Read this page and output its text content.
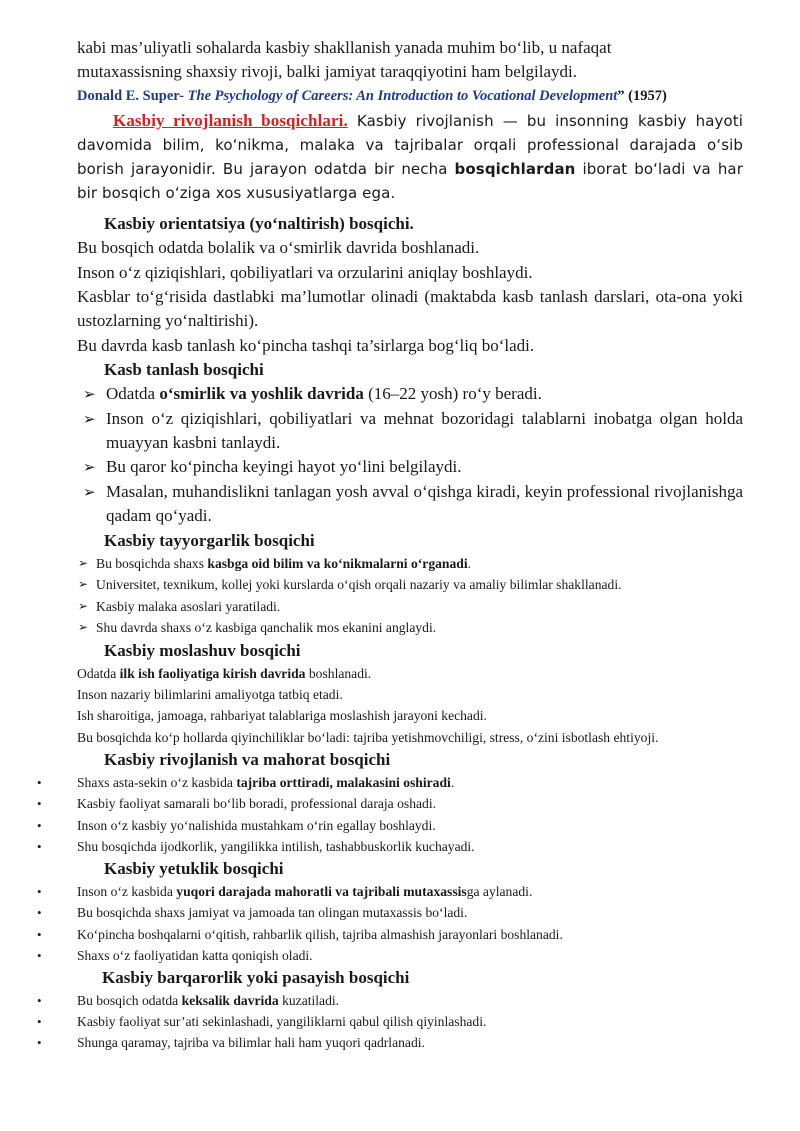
kabi mas’uliyatli sohalarda kasbiy shakllanish yanada muhim bo‘lib, u nafaqat
mutaxassisning shaxsiy rivoji, balki jamiyat taraqqiyotini ham belgilaydi.

Donald E. Super- The Psychology of Careers: An Introduction to Vocational Development” (1957)

Kasbiy rivojlanish bosqichlari. Kasbiy rivojlanish — bu insonning kasbiy hayoti davomida bilim, ko‘nikma, malaka va tajribalar orqali professional darajada o‘sib borish jarayonidir. Bu jarayon odatda bir necha bosqichlardan iborat bo‘ladi va har bir bosqich o‘ziga xos xususiyatlarga ega.

Kasbiy orientatsiya (yo‘naltirish) bosqichi.

Bu bosqich odatda bolalik va o‘smirlik davrida boshlanadi.

Inson o‘z qiziqishlari, qobiliyatlari va orzularini aniqlay boshlaydi.

Kasblar to‘g‘risida dastlabki ma’lumotlar olinadi (maktabda kasb tanlash darslari, ota-ona yoki ustozlarning yo‘naltirishi).

Bu davrda kasb tanlash ko‘pincha tashqi ta’sirlarga bog‘liq bo‘ladi.

Kasb tanlash bosqichi

➢ Odatda o‘smirlik va yoshlik davrida (16–22 yosh) ro‘y beradi.
➢ Inson o‘z qiziqishlari, qobiliyatlari va mehnat bozoridagi talablarni inobatga olgan holda muayyan kasbni tanlaydi.
➢ Bu qaror ko‘pincha keyingi hayot yo‘lini belgilaydi.
➢ Masalan, muhandislikni tanlagan yosh avval o‘qishga kiradi, keyin professional rivojlanishga qadam qo‘yadi.

Kasbiy tayyorgarlik bosqichi

➢ Bu bosqichda shaxs kasbga oid bilim va ko‘nikmalarni o‘rganadi.
➢ Universitet, texnikum, kollej yoki kurslarda o‘qish orqali nazariy va amaliy bilimlar shakllanadi.
➢ Kasbiy malaka asoslari yaratiladi.
➢ Shu davrda shaxs o‘z kasbiga qanchalik mos ekanini anglaydi.

Kasbiy moslashuv bosqichi

Odatda ilk ish faoliyatiga kirish davrida boshlanadi.

Inson nazariy bilimlarini amaliyotga tatbiq etadi.

Ish sharoitiga, jamoaga, rahbariyat talablariga moslashish jarayoni kechadi.

Bu bosqichda ko‘p hollarda qiyinchiliklar bo‘ladi: tajriba yetishmovchiligi, stress, o‘zini isbotlash ehtiyoji.

Kasbiy rivojlanish va mahorat bosqichi

• Shaxs asta-sekin o‘z kasbida tajriba orttiradi, malakasini oshiradi.
• Kasbiy faoliyat samarali bo‘lib boradi, professional daraja oshadi.
• Inson o‘z kasbiy yo‘nalishida mustahkam o‘rin egallay boshlaydi.
• Shu bosqichda ijodkorlik, yangilikka intilish, tashabbuskorlik kuchayadi.

Kasbiy yetuklik bosqichi

• Inson o‘z kasbida yuqori darajada mahoratli va tajribali mutaxassisga aylanadi.
• Bu bosqichda shaxs jamiyat va jamoada tan olingan mutaxassis bo‘ladi.
• Ko‘pincha boshqalarni o‘qitish, rahbarlik qilish, tajriba almashish jarayonlari boshlanadi.
• Shaxs o‘z faoliyatidan katta qoniqish oladi.

Kasbiy barqarorlik yoki pasayish bosqichi

• Bu bosqich odatda keksalik davrida kuzatiladi.
• Kasbiy faoliyat sur’ati sekinlashadi, yangiliklarni qabul qilish qiyinlashadi.
• Shunga qaramay, tajriba va bilimlar hali ham yuqori qadrlanadi.
